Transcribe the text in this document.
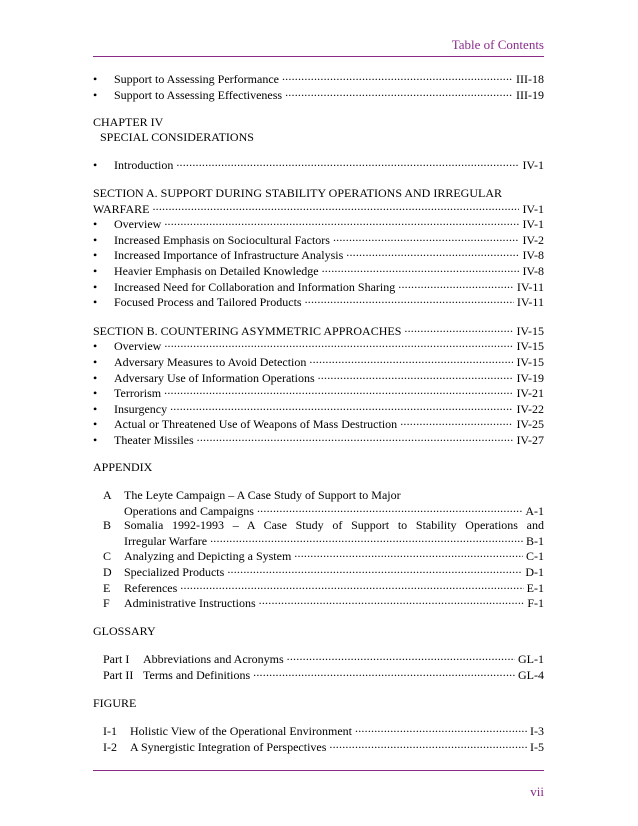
Table of Contents
•	Support to Assessing Performance . . .	III-18
•	Support to Assessing Effectiveness . . .	III-19
CHAPTER IV
SPECIAL CONSIDERATIONS
•	Introduction . . .	IV-1
SECTION A. SUPPORT DURING STABILITY OPERATIONS AND IRREGULAR
WARFARE . . .	IV-1
•	Overview . . .	IV-1
•	Increased Emphasis on Sociocultural Factors . . .	IV-2
•	Increased Importance of Infrastructure Analysis . . .	IV-8
•	Heavier Emphasis on Detailed Knowledge . . .	IV-8
•	Increased Need for Collaboration and Information Sharing . . .	IV-11
•	Focused Process and Tailored Products . . .	IV-11
SECTION B. COUNTERING ASYMMETRIC APPROACHES . . .	IV-15
•	Overview . . .	IV-15
•	Adversary Measures to Avoid Detection . . .	IV-15
•	Adversary Use of Information Operations . . .	IV-19
•	Terrorism . . .	IV-21
•	Insurgency . . .	IV-22
•	Actual or Threatened Use of Weapons of Mass Destruction . . .	IV-25
•	Theater Missiles . . .	IV-27
APPENDIX
A	The Leyte Campaign – A Case Study of Support to Major
Operations and Campaigns . . .	A-1
B	Somalia 1992-1993 – A Case Study of Support to Stability Operations and
Irregular Warfare . . .	B-1
C	Analyzing and Depicting a System . . .	C-1
D	Specialized Products . . .	D-1
E	References . . .	E-1
F	Administrative Instructions . . .	F-1
GLOSSARY
Part I	Abbreviations and Acronyms . . .	GL-1
Part II Terms and Definitions . . .	GL-4
FIGURE
I-1	Holistic View of the Operational Environment . . .	I-3
I-2	A Synergistic Integration of Perspectives . . .	I-5
vii
